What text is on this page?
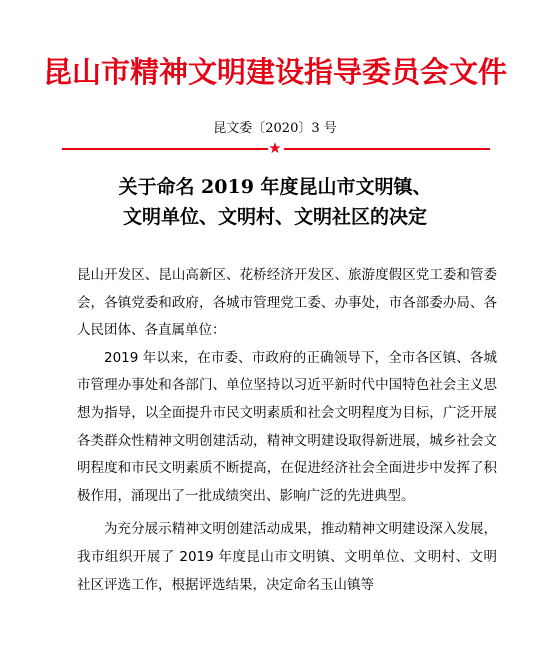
昆山市精神文明建设指导委员会文件
昆文委〔2020〕3 号
★
关于命名 2019 年度昆山市文明镇、
文明单位、文明村、文明社区的决定

昆山开发区、昆山高新区、花桥经济开发区、旅游度假区党工委和管委会，各镇党委和政府，各城市管理党工委、办事处，市各部委办局、各人民团体、各直属单位：

2019 年以来，在市委、市政府的正确领导下，全市各区镇、各城市管理办事处和各部门、单位坚持以习近平新时代中国特色社会主义思想为指导，以全面提升市民文明素质和社会文明程度为目标，广泛开展各类群众性精神文明创建活动，精神文明建设取得新进展，城乡社会文明程度和市民文明素质不断提高，在促进经济社会全面进步中发挥了积极作用，涌现出了一批成绩突出、影响广泛的先进典型。

为充分展示精神文明创建活动成果，推动精神文明建设深入发展，我市组织开展了 2019 年度昆山市文明镇、文明单位、文明村、文明社区评选工作，根据评选结果，决定命名玉山镇等
